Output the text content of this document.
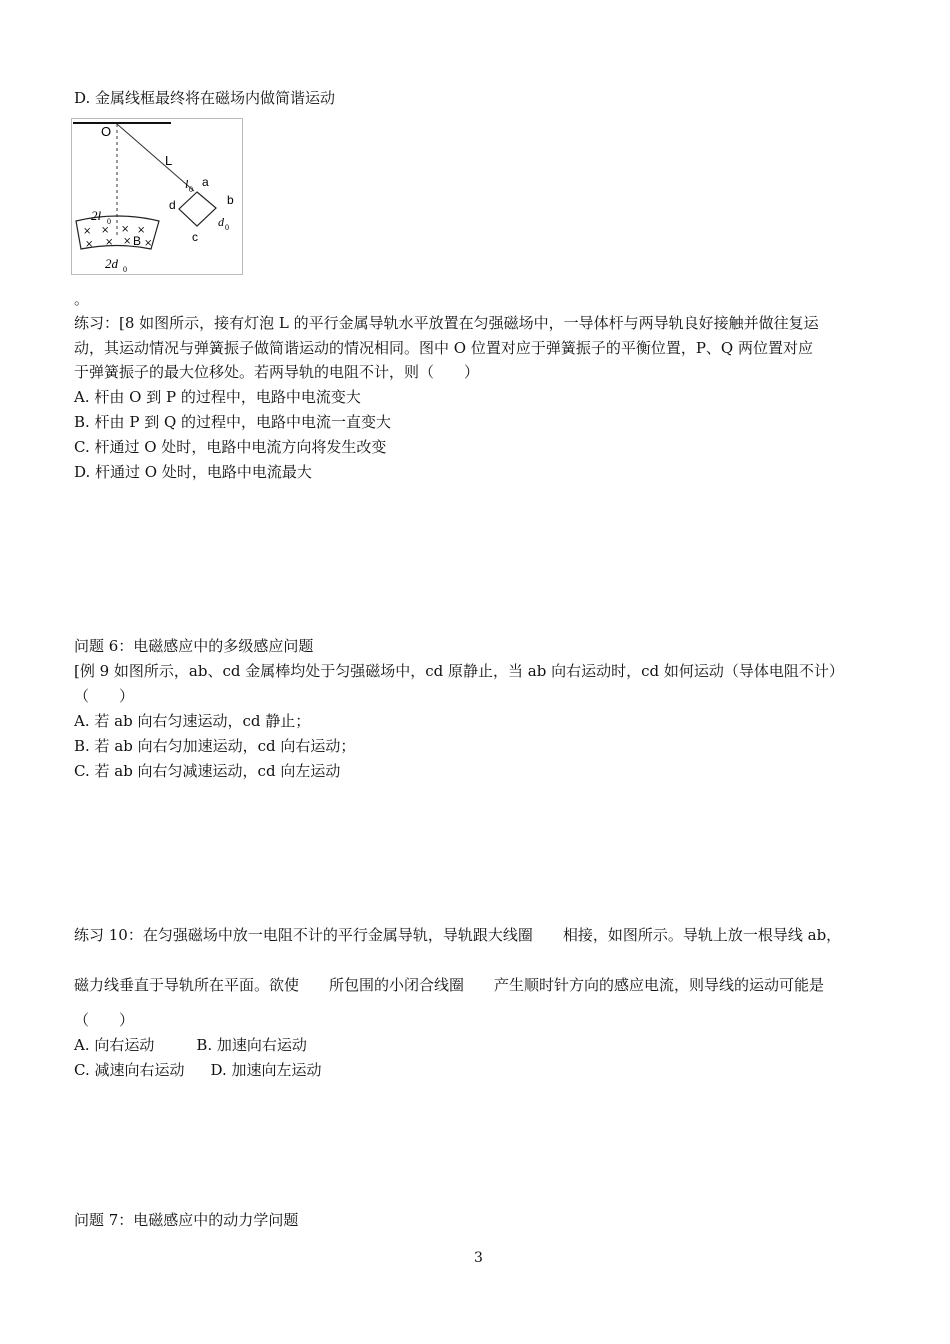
D. 金属线框最终将在磁场内做简谐运动
O
L
l 0
a
b
d
c
d 0
2l 0
× × × ×
× × × B ×
2d 0
。
练习：[8 如图所示，接有灯泡 L 的平行金属导轨水平放置在匀强磁场中，一导体杆与两导轨良好接触并做往复运
动，其运动情况与弹簧振子做简谐运动的情况相同。图中 O 位置对应于弹簧振子的平衡位置，P、Q 两位置对应
于弹簧振子的最大位移处。若两导轨的电阻不计，则（　　）
A. 杆由 O 到 P 的过程中，电路中电流变大
B. 杆由 P 到 Q 的过程中，电路中电流一直变大
C. 杆通过 O 处时，电路中电流方向将发生改变
D. 杆通过 O 处时，电路中电流最大
问题 6：电磁感应中的多级感应问题
[例 9 如图所示，ab、cd 金属棒均处于匀强磁场中，cd 原静止，当 ab 向右运动时，cd 如何运动（导体电阻不计）
（　　）
A. 若 ab 向右匀速运动，cd 静止；
B. 若 ab 向右匀加速运动，cd 向右运动；
C. 若 ab 向右匀减速运动，cd 向左运动
练习 10：在匀强磁场中放一电阻不计的平行金属导轨，导轨跟大线圈　　相接，如图所示。导轨上放一根导线 ab，
磁力线垂直于导轨所在平面。欲使　　所包围的小闭合线圈　　产生顺时针方向的感应电流，则导线的运动可能是
（　　）
A. 向右运动	B. 加速向右运动
C. 减速向右运动 D. 加速向左运动
问题 7：电磁感应中的动力学问题
3
